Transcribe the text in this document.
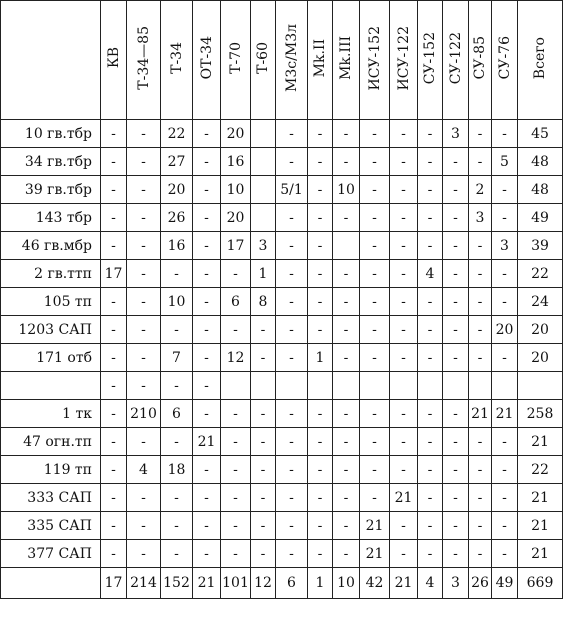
	КВ	Т-34—85	Т-34	ОТ-34	Т-70	Т-60	М3с/М3л	Mk.II	Mk.III	ИСУ-152	ИСУ-122	СУ-152	СУ-122	СУ-85	СУ-76	Всего
10 гв.тбр	-	-	22	-	20		-	-	-	-	-	-	3	-	-	45
34 гв.тбр	-	-	27	-	16		-	-	-	-	-	-	-	-	5	48
39 гв.тбр	-	-	20	-	10		5/1	-	10	-	-	-	-	2	-	48
143 тбр	-	-	26	-	20		-	-	-	-	-	-	-	3	-	49
46 гв.мбр	-	-	16	-	17	3	-	-		-	-	-	-	-	3	39
2 гв.ттп	17	-	-	-	-	1	-	-	-	-	-	4	-	-	-	22
105 тп	-	-	10	-	6	8	-	-	-	-	-	-	-	-	-	24
1203 САП	-	-	-	-	-	-	-	-	-	-	-	-	-	-	20	20
171 отб	-	-	7	-	12	-	-	1	-	-	-	-	-	-	-	20
	-	-	-	-												
1 тк	-	210	6	-	-	-	-	-	-	-	-	-	-	21	21	258
47 огн.тп	-	-	-	21	-	-	-	-	-	-	-	-	-	-	-	21
119 тп	-	4	18	-	-	-	-	-	-	-	-	-	-	-	-	22
333 САП	-	-	-	-	-	-	-	-	-	-	21	-	-	-	-	21
335 САП	-	-	-	-	-	-	-	-	-	21	-	-	-	-	-	21
377 САП	-	-	-	-	-	-	-	-	-	21	-	-	-	-	-	21
	17	214	152	21	101	12	6	1	10	42	21	4	3	26	49	669
